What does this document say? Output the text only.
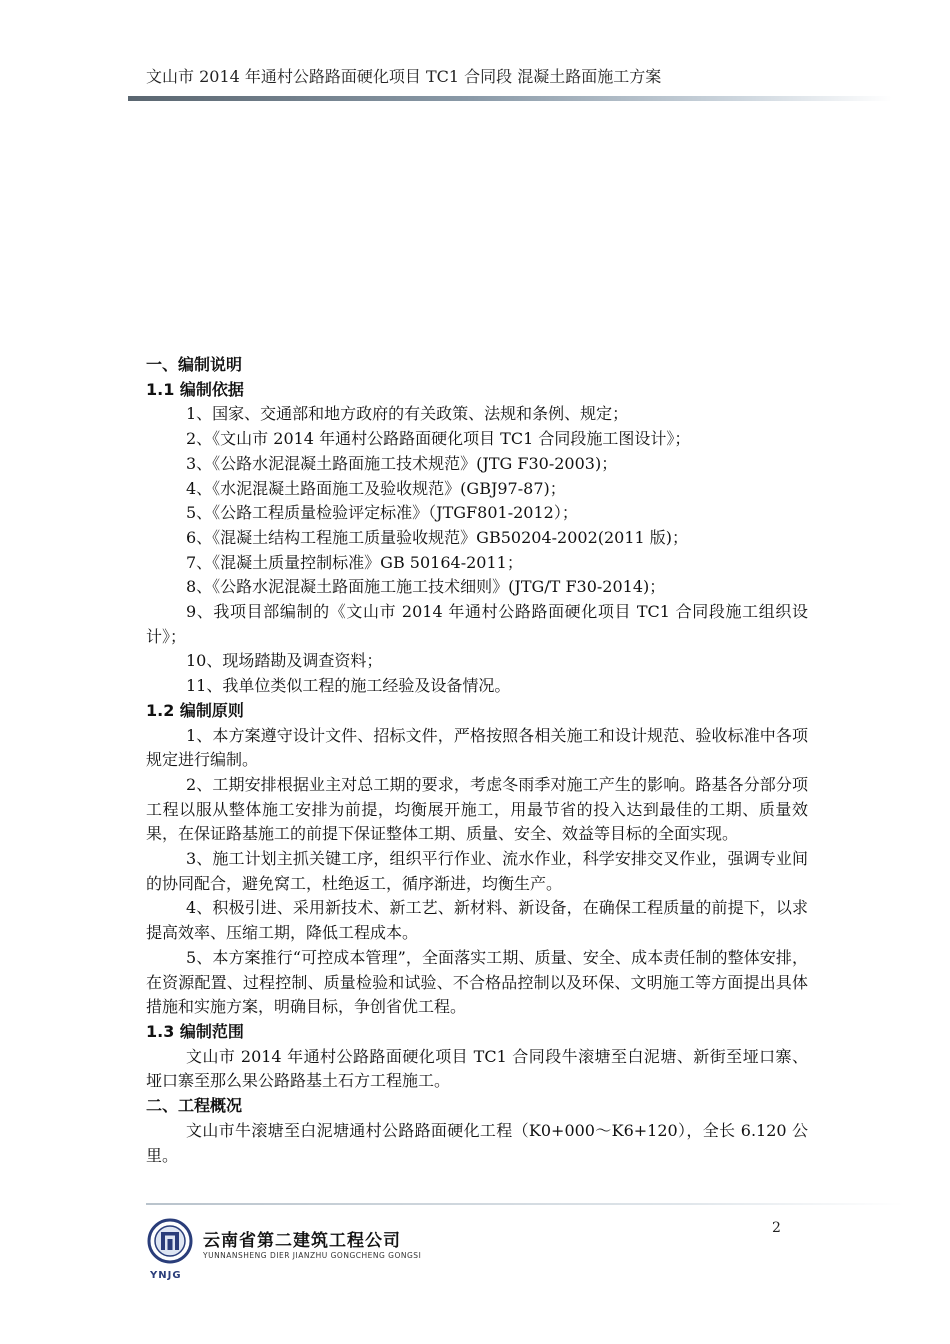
文山市 2014 年通村公路路面硬化项目 TC1 合同段 混凝土路面施工方案

一、编制说明

1.1 编制依据

1、国家、交通部和地方政府的有关政策、法规和条例、规定；

2、《文山市 2014 年通村公路路面硬化项目 TC1 合同段施工图设计》；

3、《公路水泥混凝土路面施工技术规范》(JTG F30-2003)；

4、《水泥混凝土路面施工及验收规范》(GBJ97-87)；

5、《公路工程质量检验评定标准》（JTGF801-2012）；

6、《混凝土结构工程施工质量验收规范》GB50204-2002(2011 版)；

7、《混凝土质量控制标准》GB 50164-2011；

8、《公路水泥混凝土路面施工施工技术细则》(JTG/T F30-2014)；

9、我项目部编制的《文山市 2014 年通村公路路面硬化项目 TC1 合同段施工组织设计》；

10、现场踏勘及调查资料；

11、我单位类似工程的施工经验及设备情况。

1.2 编制原则

1、本方案遵守设计文件、招标文件，严格按照各相关施工和设计规范、验收标准中各项规定进行编制。

2、工期安排根据业主对总工期的要求，考虑冬雨季对施工产生的影响。路基各分部分项工程以服从整体施工安排为前提，均衡展开施工，用最节省的投入达到最佳的工期、质量效果，在保证路基施工的前提下保证整体工期、质量、安全、效益等目标的全面实现。

3、施工计划主抓关键工序，组织平行作业、流水作业，科学安排交叉作业，强调专业间的协同配合，避免窝工，杜绝返工，循序渐进，均衡生产。

4、积极引进、采用新技术、新工艺、新材料、新设备，在确保工程质量的前提下，以求提高效率、压缩工期，降低工程成本。

5、本方案推行“可控成本管理”，全面落实工期、质量、安全、成本责任制的整体安排，在资源配置、过程控制、质量检验和试验、不合格品控制以及环保、文明施工等方面提出具体措施和实施方案，明确目标，争创省优工程。

1.3 编制范围

文山市 2014 年通村公路路面硬化项目 TC1 合同段牛滚塘至白泥塘、新街至垭口寨、垭口寨至那么果公路路基土石方工程施工。

二、工程概况

文山市牛滚塘至白泥塘通村公路路面硬化工程（K0+000～K6+120），全长 6.120 公里。

2
YNJG
云南省第二建筑工程公司
YUNNANSHENG DIER JIANZHU GONGCHENG GONGSI
